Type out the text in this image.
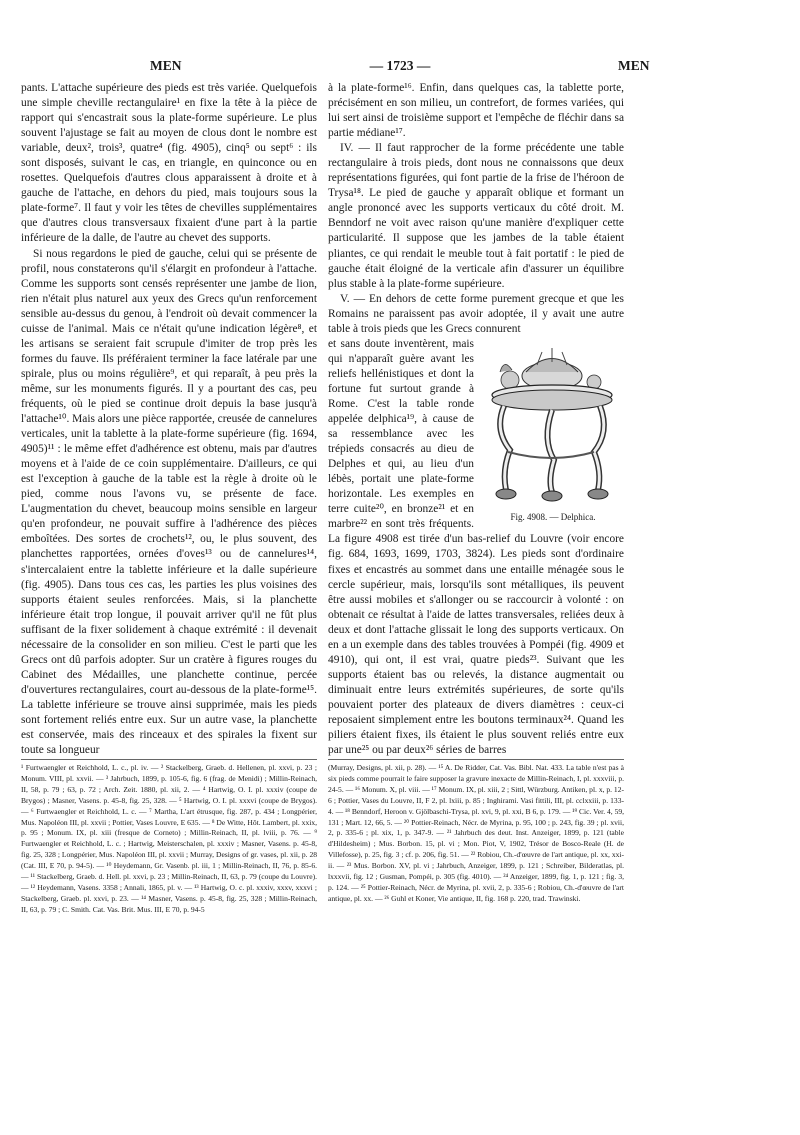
MEN	— 1723 —	MEN

pants. L'attache supérieure des pieds est très variée. Quelquefois une simple cheville rectangulaire¹ en fixe la tête à la pièce de rapport qui s'encastrait sous la plate-forme supérieure. Le plus souvent l'ajustage se fait au moyen de clous dont le nombre est variable, deux², trois³, quatre⁴ (fig. 4905), cinq⁵ ou sept⁶ : ils sont disposés, suivant le cas, en triangle, en quinconce ou en rosettes. Quelquefois d'autres clous apparaissent à droite et à gauche de l'attache, en dehors du pied, mais toujours sous la plate-forme⁷. Il faut y voir les têtes de chevilles supplémentaires que d'autres clous transversaux fixaient d'une part à la partie inférieure de la dalle, de l'autre au chevet des supports.

Si nous regardons le pied de gauche, celui qui se présente de profil, nous constaterons qu'il s'élargit en profondeur à l'attache. Comme les supports sont censés représenter une jambe de lion, rien n'était plus naturel aux yeux des Grecs qu'un renforcement sensible au-dessus du genou, à l'endroit où devait commencer la cuisse de l'animal. Mais ce n'était qu'une indication légère⁸, et les artisans se seraient fait scrupule d'imiter de trop près les formes du fauve. Ils préféraient terminer la face latérale par une spirale, plus ou moins régulière⁹, et qui reparaît, à peu près la même, sur les monuments figurés. Il y a pourtant des cas, peu fréquents, où le pied se continue droit depuis la base jusqu'à l'attache¹⁰. Mais alors une pièce rapportée, creusée de cannelures verticales, unit la tablette à la plate-forme supérieure (fig. 1694, 4905)¹¹ : le même effet d'adhérence est obtenu, mais par d'autres moyens et à l'aide de ce coin supplémentaire. D'ailleurs, ce qui est l'exception à gauche de la table est la règle à droite où le pied, comme nous l'avons vu, se présente de face. L'augmentation du chevet, beaucoup moins sensible en largeur qu'en profondeur, ne pouvait suffire à l'adhérence des pièces emboîtées. Des sortes de crochets¹², ou, le plus souvent, des planchettes rapportées, ornées d'oves¹³ ou de cannelures¹⁴, s'intercalaient entre la tablette inférieure et la dalle supérieure (fig. 4905). Dans tous ces cas, les parties les plus voisines des supports étaient seules renforcées. Mais, si la planchette inférieure était trop longue, il pouvait arriver qu'il ne fût plus suffisant de la fixer solidement à chaque extrémité : il devenait nécessaire de la consolider en son milieu. C'est le parti que les Grecs ont dû parfois adopter. Sur un cratère à figures rouges du Cabinet des Médailles, une planchette continue, percée d'ouvertures rectangulaires, court au-dessous de la plate-forme¹⁵. La tablette inférieure se trouve ainsi supprimée, mais les pieds sont fortement reliés entre eux. Sur un autre vase, la planchette est conservée, mais des rinceaux et des spirales la fixent sur toute sa longueur

à la plate-forme¹⁶. Enfin, dans quelques cas, la tablette porte, précisément en son milieu, un contrefort, de formes variées, qui lui sert ainsi de troisième support et l'empêche de fléchir dans sa partie médiane¹⁷.

IV. — Il faut rapprocher de la forme précédente une table rectangulaire à trois pieds, dont nous ne connaissons que deux représentations figurées, qui font partie de la frise de l'héroon de Trysa¹⁸. Le pied de gauche y apparaît oblique et formant un angle prononcé avec les supports verticaux du côté droit. M. Benndorf ne voit avec raison qu'une manière d'expliquer cette particularité. Il suppose que les jambes de la table étaient pliantes, ce qui rendait le meuble tout à fait portatif : le pied de gauche était éloigné de la verticale afin d'assurer un équilibre plus stable à la plate-forme supérieure.

V. — En dehors de cette forme purement grecque et que les Romains ne paraissent pas avoir adoptée, il y avait une autre table à trois pieds que les Grecs connurent

Fig. 4908. — Delphica.

et sans doute inventèrent, mais qui n'apparaît guère avant les reliefs hellénistiques et dont la fortune fut surtout grande à Rome. C'est la table ronde appelée delphica¹⁹, à cause de sa ressemblance avec les trépieds consacrés au dieu de Delphes et qui, au lieu d'un lébès, portait une plate-forme horizontale. Les exemples en terre cuite²⁰, en bronze²¹ et en marbre²² en sont très fréquents. La figure 4908 est tirée d'un bas-relief du Louvre (voir encore fig. 684, 1693, 1699, 1703, 3824). Les pieds sont d'ordinaire fixes et encastrés au sommet dans une entaille ménagée sous le cercle supérieur, mais, lorsqu'ils sont métalliques, ils peuvent être aussi mobiles et s'allonger ou se raccourcir à volonté : on obtenait ce résultat à l'aide de lattes transversales, reliées deux à deux et dont l'attache glissait le long des supports verticaux. On en a un exemple dans des tables trouvées à Pompéi (fig. 4909 et 4910), qui ont, il est vrai, quatre pieds²³. Suivant que les supports étaient bas ou relevés, la distance augmentait ou diminuait entre leurs extrémités supérieures, de sorte qu'ils pouvaient porter des plateaux de divers diamètres : ceux-ci reposaient simplement entre les boutons terminaux²⁴. Quand les piliers étaient fixes, ils étaient le plus souvent reliés entre eux par une²⁵ ou par deux²⁶ séries de barres

¹ Furtwaengler et Reichhold, L. c., pl. iv. — ² Stackelberg, Graeb. d. Hellenen, pl. xxvi, p. 23 ; Monum. VIII, pl. xxvii. — ³ Jahrbuch, 1899, p. 105-6, fig. 6 (frag. de Menidi) ; Millin-Reinach, II, 58, p. 79 ; 63, p. 72 ; Arch. Zeit. 1880, pl. xii, 2. — ⁴ Hartwig, O. I. pl. xxxiv (coupe de Brygos) ; Masner, Vasens. p. 45-8, fig. 25, 328. — ⁵ Hartwig, O. I. pl. xxxvi (coupe de Brygos). — ⁶ Furtwaengler et Reichhold, L. c. — ⁷ Martha, L'art étrusque, fig. 287, p. 434 ; Longpérier, Mus. Napoléon III, pl. xxvii ; Pottier, Vases Louvre, E 635. — ⁸ De Witte, Hôt. Lambert, pl. xxix, p. 95 ; Monum. IX, pl. xiii (fresque de Corneto) ; Millin-Reinach, II, pl. lviii, p. 76. — ⁹ Furtwaengler et Reichhold, L. c. ; Hartwig, Meisterschalen, pl. xxxiv ; Masner, Vasens. p. 45-8, fig. 25, 328 ; Longpérier, Mus. Napoléon III, pl. xxvii ; Murray, Designs of gr. vases, pl. xii, p. 28 (Cat. III, E 70, p. 94-5). — ¹⁰ Heydemann, Gr. Vasenb. pl. iii, 1 ; Millin-Reinach, II, 76, p. 85-6. — ¹¹ Stackelberg, Graeb. d. Hell. pl. xxvi, p. 23 ; Millin-Reinach, II, 63, p. 79 (coupe du Louvre). — ¹² Heydemann, Vasens. 3358 ; Annali, 1865, pl. v. — ¹³ Hartwig, O. c. pl. xxxiv, xxxv, xxxvi ; Stackelberg, Graeb. pl. xxvi, p. 23. — ¹⁴ Masner, Vasens. p. 45-8, fig. 25, 328 ; Millin-Reinach, II, 63, p. 79 ; C. Smith. Cat. Vas. Brit. Mus. III, E 70, p. 94-5

(Murray, Designs, pl. xii, p. 28). — ¹⁵ A. De Ridder, Cat. Vas. Bibl. Nat. 433. La table n'est pas à six pieds comme pourrait le faire supposer la gravure inexacte de Millin-Reinach, I, pl. xxxviii, p. 24-5. — ¹⁶ Monum. X, pl. viii. — ¹⁷ Monum. IX, pl. xiii, 2 ; Sittl, Würzburg. Antiken, pl. x, p. 12-6 ; Pottier, Vases du Louvre, II, F 2, pl. lxiii, p. 85 ; Inghirami. Vasi fittili, III, pl. cclxxiii, p. 133-4. — ¹⁸ Benndorf, Heroon v. Gjölbaschi-Trysa, pl. xvi, 9, pl. xxi, B 6, p. 179. — ¹⁹ Cic. Ver. 4, 59, 131 ; Mart. 12, 66, 5. — ²⁰ Pottier-Reinach, Nécr. de Myrina, p. 95, 100 ; p. 243, fig. 39 ; pl. xvii, 2, p. 335-6 ; pl. xix, 1, p. 347-9. — ²¹ Jahrbuch des deut. Inst. Anzeiger, 1899, p. 121 (table d'Hildesheim) ; Mus. Borbon. 15, pl. vi ; Mon. Piot, V, 1902, Trésor de Bosco-Reale (H. de Villefosse), p. 25, fig. 3 ; cf. p. 206, fig. 51. — ²² Robiou, Ch.-d'œuvre de l'art antique, pl. xx, xxi-ii. — ²³ Mus. Borbon. XV, pl. vi ; Jahrbuch, Anzeiger, 1899, p. 121 ; Schreiber, Bilderatlas, pl. lxxxvii, fig. 12 ; Gusman, Pompéi, p. 305 (fig. 4010). — ²⁴ Anzeiger, 1899, fig. 1, p. 121 ; fig. 3, p. 124. — ²⁵ Pottier-Reinach, Nécr. de Myrina, pl. xvii, 2, p. 335-6 ; Robiou, Ch.-d'œuvre de l'art antique, pl. xx. — ²⁶ Guhl et Koner, Vie antique, II, fig. 168 p. 220, trad. Trawinski.
